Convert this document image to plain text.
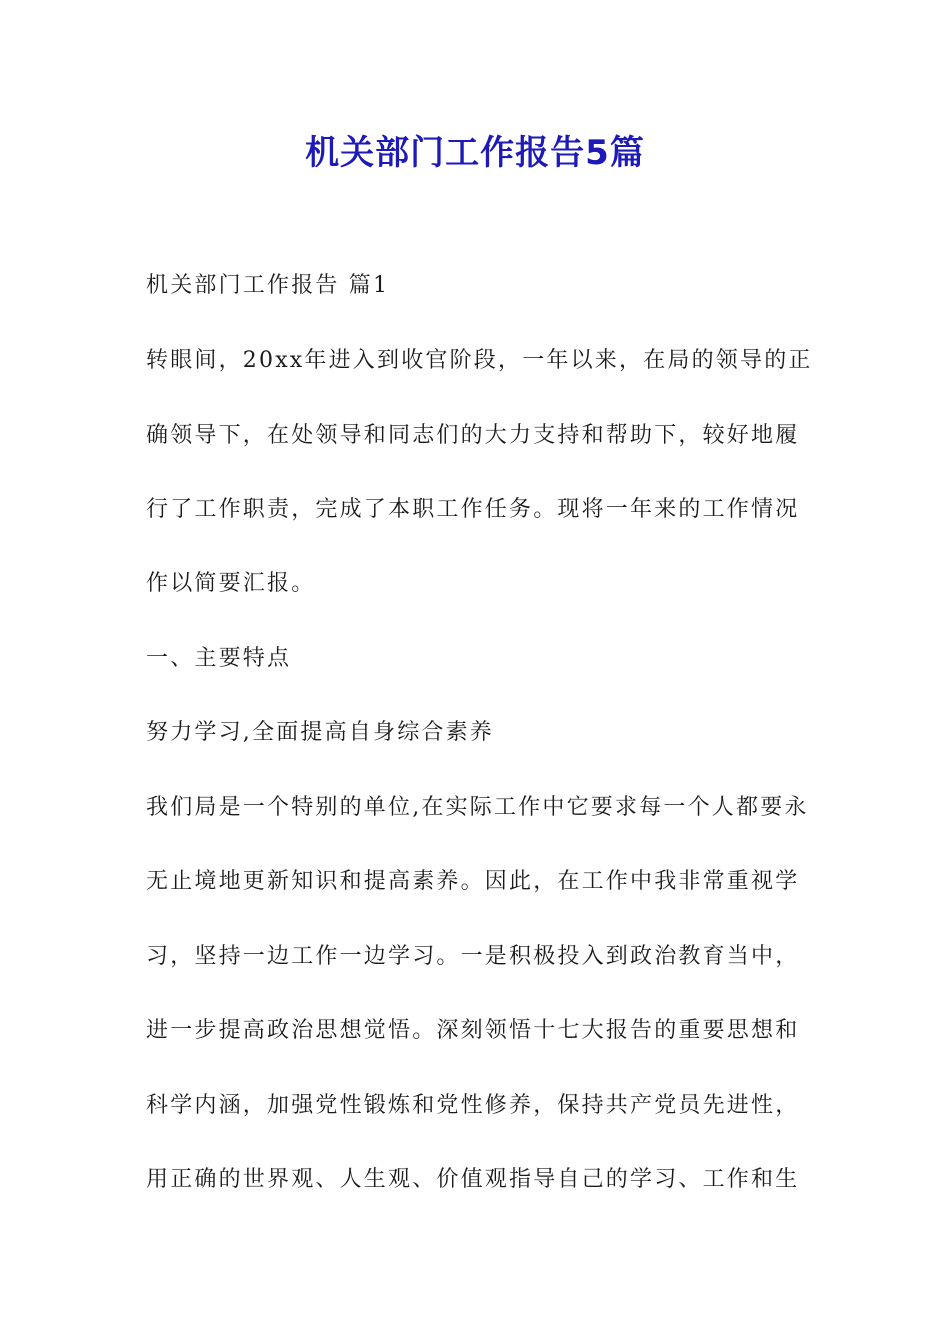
机关部门工作报告5篇
机关部门工作报告 篇1
转眼间，20xx年进入到收官阶段，一年以来，在局的领导的正
确领导下，在处领导和同志们的大力支持和帮助下，较好地履
行了工作职责，完成了本职工作任务。现将一年来的工作情况
作以简要汇报。
一、主要特点
努力学习,全面提高自身综合素养
我们局是一个特别的单位,在实际工作中它要求每一个人都要永
无止境地更新知识和提高素养。因此，在工作中我非常重视学
习，坚持一边工作一边学习。一是积极投入到政治教育当中，
进一步提高政治思想觉悟。深刻领悟十七大报告的重要思想和
科学内涵，加强党性锻炼和党性修养，保持共产党员先进性，
用正确的世界观、人生观、价值观指导自己的学习、工作和生
